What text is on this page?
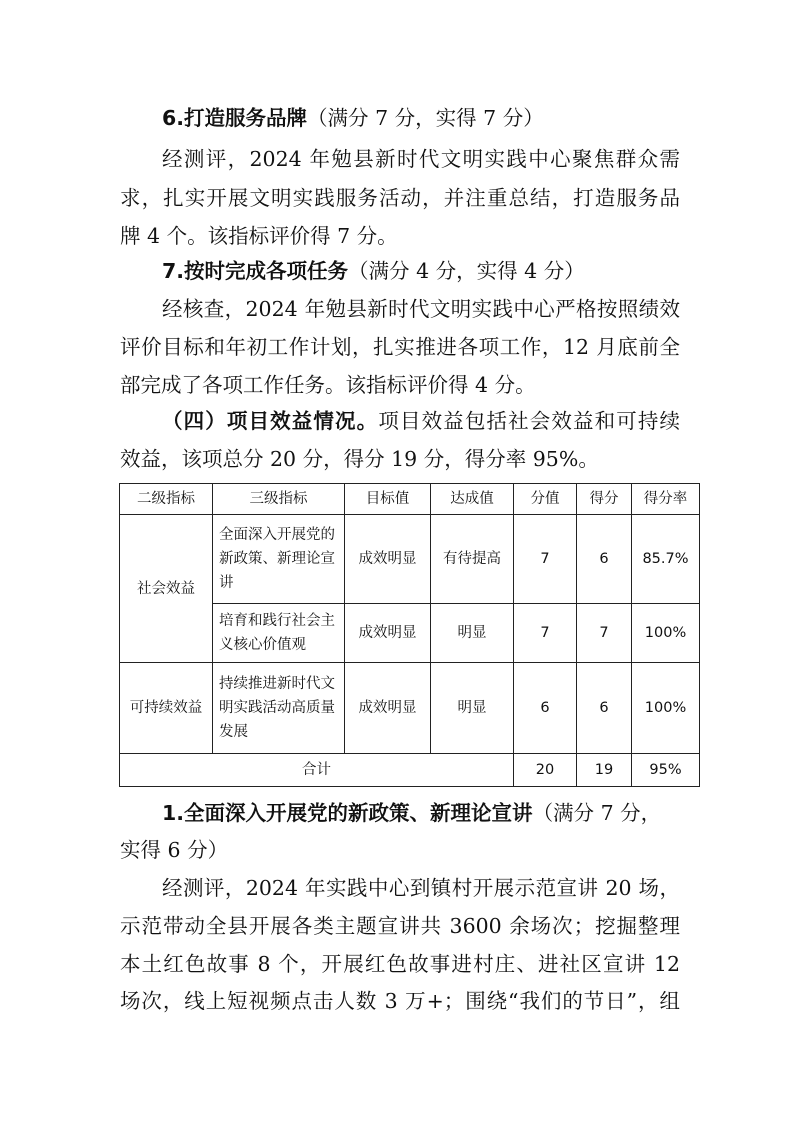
6.打造服务品牌（满分 7 分，实得 7 分）
经测评，2024 年勉县新时代文明实践中心聚焦群众需
求，扎实开展文明实践服务活动，并注重总结，打造服务品
牌 4 个。该指标评价得 7 分。
7.按时完成各项任务（满分 4 分，实得 4 分）
经核查，2024 年勉县新时代文明实践中心严格按照绩效
评价目标和年初工作计划，扎实推进各项工作，12 月底前全
部完成了各项工作任务。该指标评价得 4 分。
（四）项目效益情况。项目效益包括社会效益和可持续
效益，该项总分 20 分，得分 19 分，得分率 95%。
二级指标	三级指标	目标值	达成值	分值	得分	得分率
社会效益	全面深入开展党的新政策、新理论宣讲	成效明显	有待提高	7	6	85.7%
	培育和践行社会主义核心价值观	成效明显	明显	7	7	100%
可持续效益	持续推进新时代文明实践活动高质量发展	成效明显	明显	6	6	100%
合计				20	19	95%
1.全面深入开展党的新政策、新理论宣讲（满分 7 分，
实得 6 分）
经测评，2024 年实践中心到镇村开展示范宣讲 20 场，
示范带动全县开展各类主题宣讲共 3600 余场次；挖掘整理
本土红色故事 8 个，开展红色故事进村庄、进社区宣讲 12
场次，线上短视频点击人数 3 万+；围绕“我们的节日”，组
